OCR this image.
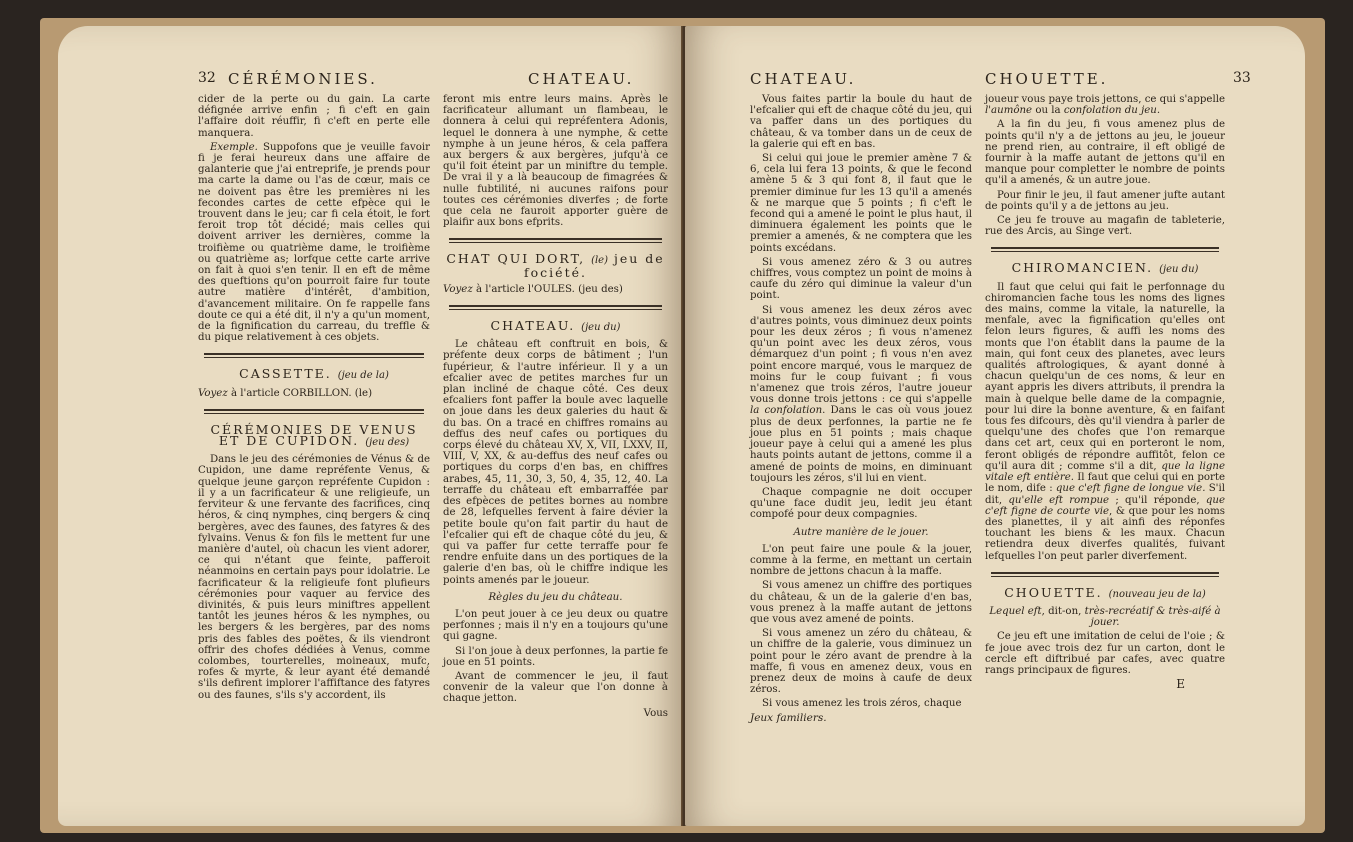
32 CÉRÉMONIES.	CHATEAU.

cider de la perte ou du gain. La carte défignée arrive enfin ; fi c'eft en gain l'affaire doit réuffir, fi c'eft en perte elle manquera.

Exemple. Suppofons que je veuille favoir fi je ferai heureux dans une affaire de galanterie que j'ai entreprife, je prends pour ma carte la dame ou l'as de cœur, mais ce ne doivent pas être les premières ni les fecondes cartes de cette efpèce qui le trouvent dans le jeu; car fi cela étoit, le fort feroit trop tôt décidé; mais celles qui doivent arriver les dernières, comme la troifième ou quatrième dame, le troifième ou quatrième as; lorfque cette carte arrive on fait à quoi s'en tenir. Il en eft de même des queftions qu'on pourroit faire fur toute autre matière d'intérêt, d'ambition, d'avancement militaire. On fe rappelle fans doute ce qui a été dit, il n'y a qu'un moment, de la fignification du carreau, du treffle & du pique relativement à ces objets.

CASSETTE. (jeu de la)

Voyez à l'article CORBILLON. (le)

CÉRÉMONIES DE VENUS ET DE CUPIDON. (jeu des)

Dans le jeu des cérémonies de Vénus & de Cupidon, une dame repréfente Venus, & quelque jeune garçon repréfente Cupidon : il y a un facrificateur & une religieufe, un ferviteur & une fervante des facrifices, cinq héros, & cinq nymphes, cinq bergers & cinq bergères, avec des faunes, des fatyres & des fylvains. Venus & fon fils le mettent fur une manière d'autel, où chacun les vient adorer, ce qui n'étant que feinte, pafferoit néanmoins en certain pays pour idolatrie. Le facrificateur & la religieufe font plufieurs cérémonies pour vaquer au fervice des divinités, & puis leurs miniftres appellent tantôt les jeunes héros & les nymphes, ou les bergers & les bergères, par des noms pris des fables des poëtes, & ils viendront offrir des chofes dédiées à Venus, comme colombes, tourterelles, moineaux, mufc, rofes & myrte, & leur ayant été demandé s'ils defirent implorer l'affiftance des fatyres ou des faunes, s'ils s'y accordent, ils

feront mis entre leurs mains. Après le facrificateur allumant un flambeau, le donnera à celui qui repréfentera Adonis, lequel le donnera à une nymphe, & cette nymphe à un jeune héros, & cela paffera aux bergers & aux bergères, jufqu'à ce qu'il foit éteint par un miniftre du temple. De vrai il y a là beaucoup de fimagrées & nulle fubtilité, ni aucunes raifons pour toutes ces cérémonies diverfes ; de forte que cela ne fauroit apporter guère de plaifir aux bons efprits.

CHAT QUI DORT, (le) jeu de fociété.

Voyez à l'article l'OULES. (jeu des)

CHATEAU. (jeu du)

Le château eft conftruit en bois, & préfente deux corps de bâtiment ; l'un fupérieur, & l'autre inférieur. Il y a un efcalier avec de petites marches fur un plan incliné de chaque côté. Ces deux efcaliers font paffer la boule avec laquelle on joue dans les deux galeries du haut & du bas. On a tracé en chiffres romains au deffus des neuf cafes ou portiques du corps élevé du château XV, X, VII, LXXV, II, VIII, V, XX, & au-deffus des neuf cafes ou portiques du corps d'en bas, en chiffres arabes, 45, 11, 30, 3, 50, 4, 35, 12, 40. La terraffe du château eft embarraffée par des efpèces de petites bornes au nombre de 28, lefquelles fervent à faire dévier la petite boule qu'on fait partir du haut de l'efcalier qui eft de chaque côté du jeu, & qui va paffer fur cette terraffe pour fe rendre enfuite dans un des portiques de la galerie d'en bas, où le chiffre indique les points amenés par le joueur.

Règles du jeu du château.

L'on peut jouer à ce jeu deux ou quatre perfonnes ; mais il n'y en a toujours qu'une qui gagne.

Si l'on joue à deux perfonnes, la partie fe joue en 51 points.

Avant de commencer le jeu, il faut convenir de la valeur que l'on donne à chaque jetton.

Vous
CHATEAU.	CHOUETTE.	33

Vous faites partir la boule du haut de l'efcalier qui eft de chaque côté du jeu, qui va paffer dans un des portiques du château, & va tomber dans un de ceux de la galerie qui eft en bas.

Si celui qui joue le premier amène 7 & 6, cela lui fera 13 points, & que le fecond amène 5 & 3 qui font 8, il faut que le premier diminue fur les 13 qu'il a amenés & ne marque que 5 points ; fi c'eft le fecond qui a amené le point le plus haut, il diminuera également les points que le premier a amenés, & ne comptera que les points excédans.

Si vous amenez zéro & 3 ou autres chiffres, vous comptez un point de moins à caufe du zéro qui diminue la valeur d'un point.

Si vous amenez les deux zéros avec d'autres points, vous diminuez deux points pour les deux zéros ; fi vous n'amenez qu'un point avec les deux zéros, vous démarquez d'un point ; fi vous n'en avez point encore marqué, vous le marquez de moins fur le coup fuivant ; fi vous n'amenez que trois zéros, l'autre joueur vous donne trois jettons : ce qui s'appelle la confolation. Dans le cas où vous jouez plus de deux perfonnes, la partie ne fe joue plus en 51 points ; mais chaque joueur paye à celui qui a amené les plus hauts points autant de jettons, comme il a amené de points de moins, en diminuant toujours les zéros, s'il lui en vient.

Chaque compagnie ne doit occuper qu'une face dudit jeu, ledit jeu étant compofé pour deux compagnies.

Autre manière de le jouer.

L'on peut faire une poule & la jouer, comme à la ferme, en mettant un certain nombre de jettons chacun à la maffe.

Si vous amenez un chiffre des portiques du château, & un de la galerie d'en bas, vous prenez à la maffe autant de jettons que vous avez amené de points.

Si vous amenez un zéro du château, & un chiffre de la galerie, vous diminuez un point pour le zéro avant de prendre à la maffe, fi vous en amenez deux, vous en prenez deux de moins à caufe de deux zéros.

Si vous amenez les trois zéros, chaque

Jeux familiers.

joueur vous paye trois jettons, ce qui s'appelle l'aumône ou la confolation du jeu.

A la fin du jeu, fi vous amenez plus de points qu'il n'y a de jettons au jeu, le joueur ne prend rien, au contraire, il eft obligé de fournir à la maffe autant de jettons qu'il en manque pour completter le nombre de points qu'il a amenés, & un autre joue.

Pour finir le jeu, il faut amener jufte autant de points qu'il y a de jettons au jeu.

Ce jeu fe trouve au magafin de tableterie, rue des Arcis, au Singe vert.

CHIROMANCIEN. (jeu du)

Il faut que celui qui fait le perfonnage du chiromancien fache tous les noms des lignes des mains, comme la vitale, la naturelle, la menfale, avec la fignification qu'elles ont felon leurs figures, & auffi les noms des monts que l'on établit dans la paume de la main, qui font ceux des planetes, avec leurs qualités aftrologiques, & ayant donné à chacun quelqu'un de ces noms, & leur en ayant appris les divers attributs, il prendra la main à quelque belle dame de la compagnie, pour lui dire la bonne aventure, & en faifant tous fes difcours, dès qu'il viendra à parler de quelqu'une des chofes que l'on remarque dans cet art, ceux qui en porteront le nom, feront obligés de répondre auffitôt, felon ce qu'il aura dit ; comme s'il a dit, que la ligne vitale eft entière. Il faut que celui qui en porte le nom, dife : que c'eft figne de longue vie. S'il dit, qu'elle eft rompue ; qu'il réponde, que c'eft figne de courte vie, & que pour les noms des planettes, il y ait ainfi des réponfes touchant les biens & les maux. Chacun retiendra deux diverfes qualités, fuivant lefquelles l'on peut parler diverfement.

CHOUETTE. (nouveau jeu de la)

Lequel eft, dit-on, très-recréatif & très-aifé à jouer.

Ce jeu eft une imitation de celui de l'oie ; & fe joue avec trois dez fur un carton, dont le cercle eft diftribué par cafes, avec quatre rangs principaux de figures.

E
